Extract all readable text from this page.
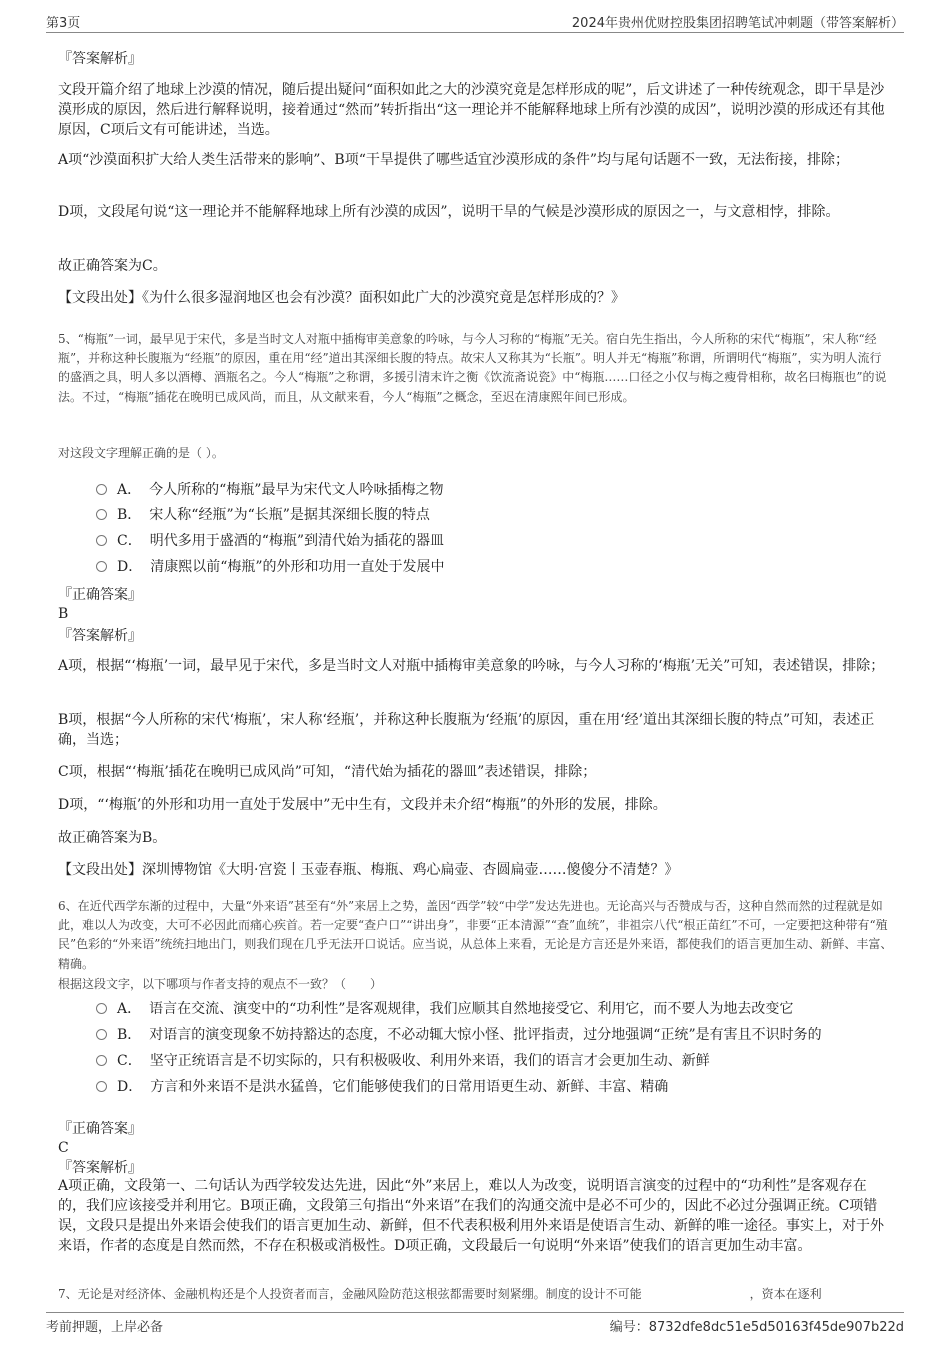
第3页	2024年贵州优财控股集团招聘笔试冲刺题（带答案解析）

『答案解析』

文段开篇介绍了地球上沙漠的情况，随后提出疑问“面积如此之大的沙漠究竟是怎样形成的呢”，后文讲述了一种传统观念，即干旱是沙漠形成的原因，然后进行解释说明，接着通过“然而”转折指出“这一理论并不能解释地球上所有沙漠的成因”，说明沙漠的形成还有其他原因，C项后文有可能讲述，当选。

A项“沙漠面积扩大给人类生活带来的影响”、B项“干旱提供了哪些适宜沙漠形成的条件”均与尾句话题不一致，无法衔接，排除；

D项，文段尾句说“这一理论并不能解释地球上所有沙漠的成因”，说明干旱的气候是沙漠形成的原因之一，与文意相悖，排除。

故正确答案为C。

【文段出处】《为什么很多湿润地区也会有沙漠？面积如此广大的沙漠究竟是怎样形成的？》

5、“梅瓶”一词，最早见于宋代，多是当时文人对瓶中插梅审美意象的吟咏，与今人习称的“梅瓶”无关。宿白先生指出，今人所称的宋代“梅瓶”，宋人称“经瓶”，并称这种长腹瓶为“经瓶”的原因，重在用“经”道出其深细长腹的特点。故宋人又称其为“长瓶”。明人并无“梅瓶”称谓，所谓明代“梅瓶”，实为明人流行的盛酒之具，明人多以酒樽、酒瓶名之。今人“梅瓶”之称谓，多援引清末许之衡《饮流斋说瓷》中“梅瓶……口径之小仅与梅之瘦骨相称，故名曰梅瓶也”的说法。不过，“梅瓶”插花在晚明已成风尚，而且，从文献来看，今人“梅瓶”之概念，至迟在清康熙年间已形成。

对这段文字理解正确的是（ ）。

A． 今人所称的“梅瓶”最早为宋代文人吟咏插梅之物
B． 宋人称“经瓶”为“长瓶”是据其深细长腹的特点
C． 明代多用于盛酒的“梅瓶”到清代始为插花的器皿
D． 清康熙以前“梅瓶”的外形和功用一直处于发展中

『正确答案』

B

『答案解析』

A项，根据“‘梅瓶’一词，最早见于宋代，多是当时文人对瓶中插梅审美意象的吟咏，与今人习称的‘梅瓶’无关”可知，表述错误，排除；

B项，根据“今人所称的宋代‘梅瓶’，宋人称‘经瓶’，并称这种长腹瓶为‘经瓶’的原因，重在用‘经’道出其深细长腹的特点”可知，表述正确，当选；

C项，根据“‘梅瓶’插花在晚明已成风尚”可知，“清代始为插花的器皿”表述错误，排除；

D项，“‘梅瓶’的外形和功用一直处于发展中”无中生有，文段并未介绍“梅瓶”的外形的发展，排除。

故正确答案为B。

【文段出处】深圳博物馆《大明·宫瓷丨玉壶春瓶、梅瓶、鸡心扁壶、杏圆扁壶……傻傻分不清楚？》

6、在近代西学东渐的过程中，大量“外来语”甚至有“外”来居上之势，盖因“西学”较“中学”发达先进也。无论高兴与否赞成与否，这种自然而然的过程就是如此，难以人为改变，大可不必因此而痛心疾首。若一定要“查户口”“讲出身”，非要“正本清源”“查”血统”，非祖宗八代“根正苗红”不可，一定要把这种带有“殖民”色彩的“外来语”统统扫地出门，则我们现在几乎无法开口说话。应当说，从总体上来看，无论是方言还是外来语，都使我们的语言更加生动、新鲜、丰富、精确。

根据这段文字，以下哪项与作者支持的观点不一致？（　　）

A． 语言在交流、演变中的“功利性”是客观规律，我们应顺其自然地接受它、利用它，而不要人为地去改变它
B． 对语言的演变现象不妨持豁达的态度，不必动辄大惊小怪、批评指责，过分地强调“正统”是有害且不识时务的
C． 坚守正统语言是不切实际的，只有积极吸收、利用外来语，我们的语言才会更加生动、新鲜
D． 方言和外来语不是洪水猛兽，它们能够使我们的日常用语更生动、新鲜、丰富、精确

『正确答案』

C

『答案解析』

A项正确，文段第一、二句话认为西学较发达先进，因此“外”来居上，难以人为改变，说明语言演变的过程中的“功利性”是客观存在的，我们应该接受并利用它。B项正确，文段第三句指出“外来语”在我们的沟通交流中是必不可少的，因此不必过分强调正统。C项错误，文段只是提出外来语会使我们的语言更加生动、新鲜，但不代表积极利用外来语是使语言生动、新鲜的唯一途径。事实上，对于外来语，作者的态度是自然而然，不存在积极或消极性。D项正确，文段最后一句说明“外来语”使我们的语言更加生动丰富。

7、无论是对经济体、金融机构还是个人投资者而言，金融风险防范这根弦都需要时刻紧绷。制度的设计不可能　　　　　　　　　，资本在逐利

考前押题，上岸必备	编号：8732dfe8dc51e5d50163f45de907b22d
